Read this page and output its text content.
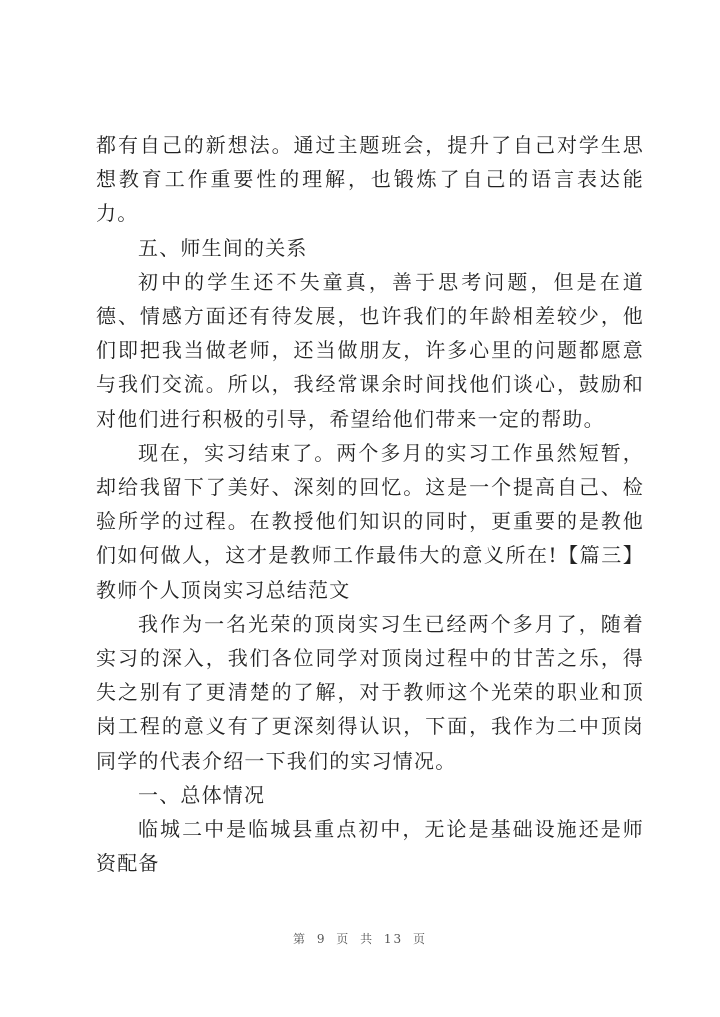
都有自己的新想法。通过主题班会，提升了自己对学生思想教育工作重要性的理解，也锻炼了自己的语言表达能力。

五、师生间的关系

初中的学生还不失童真，善于思考问题，但是在道德、情感方面还有待发展，也许我们的年龄相差较少，他们即把我当做老师，还当做朋友，许多心里的问题都愿意与我们交流。所以，我经常课余时间找他们谈心，鼓励和对他们进行积极的引导，希望给他们带来一定的帮助。

现在，实习结束了。两个多月的实习工作虽然短暂，却给我留下了美好、深刻的回忆。这是一个提高自己、检验所学的过程。在教授他们知识的同时，更重要的是教他们如何做人，这才是教师工作最伟大的意义所在!【篇三】教师个人顶岗实习总结范文

我作为一名光荣的顶岗实习生已经两个多月了，随着实习的深入，我们各位同学对顶岗过程中的甘苦之乐，得失之别有了更清楚的了解，对于教师这个光荣的职业和顶岗工程的意义有了更深刻得认识，下面，我作为二中顶岗同学的代表介绍一下我们的实习情况。

一、总体情况

临城二中是临城县重点初中，无论是基础设施还是师资配备

第 9 页 共 13 页
